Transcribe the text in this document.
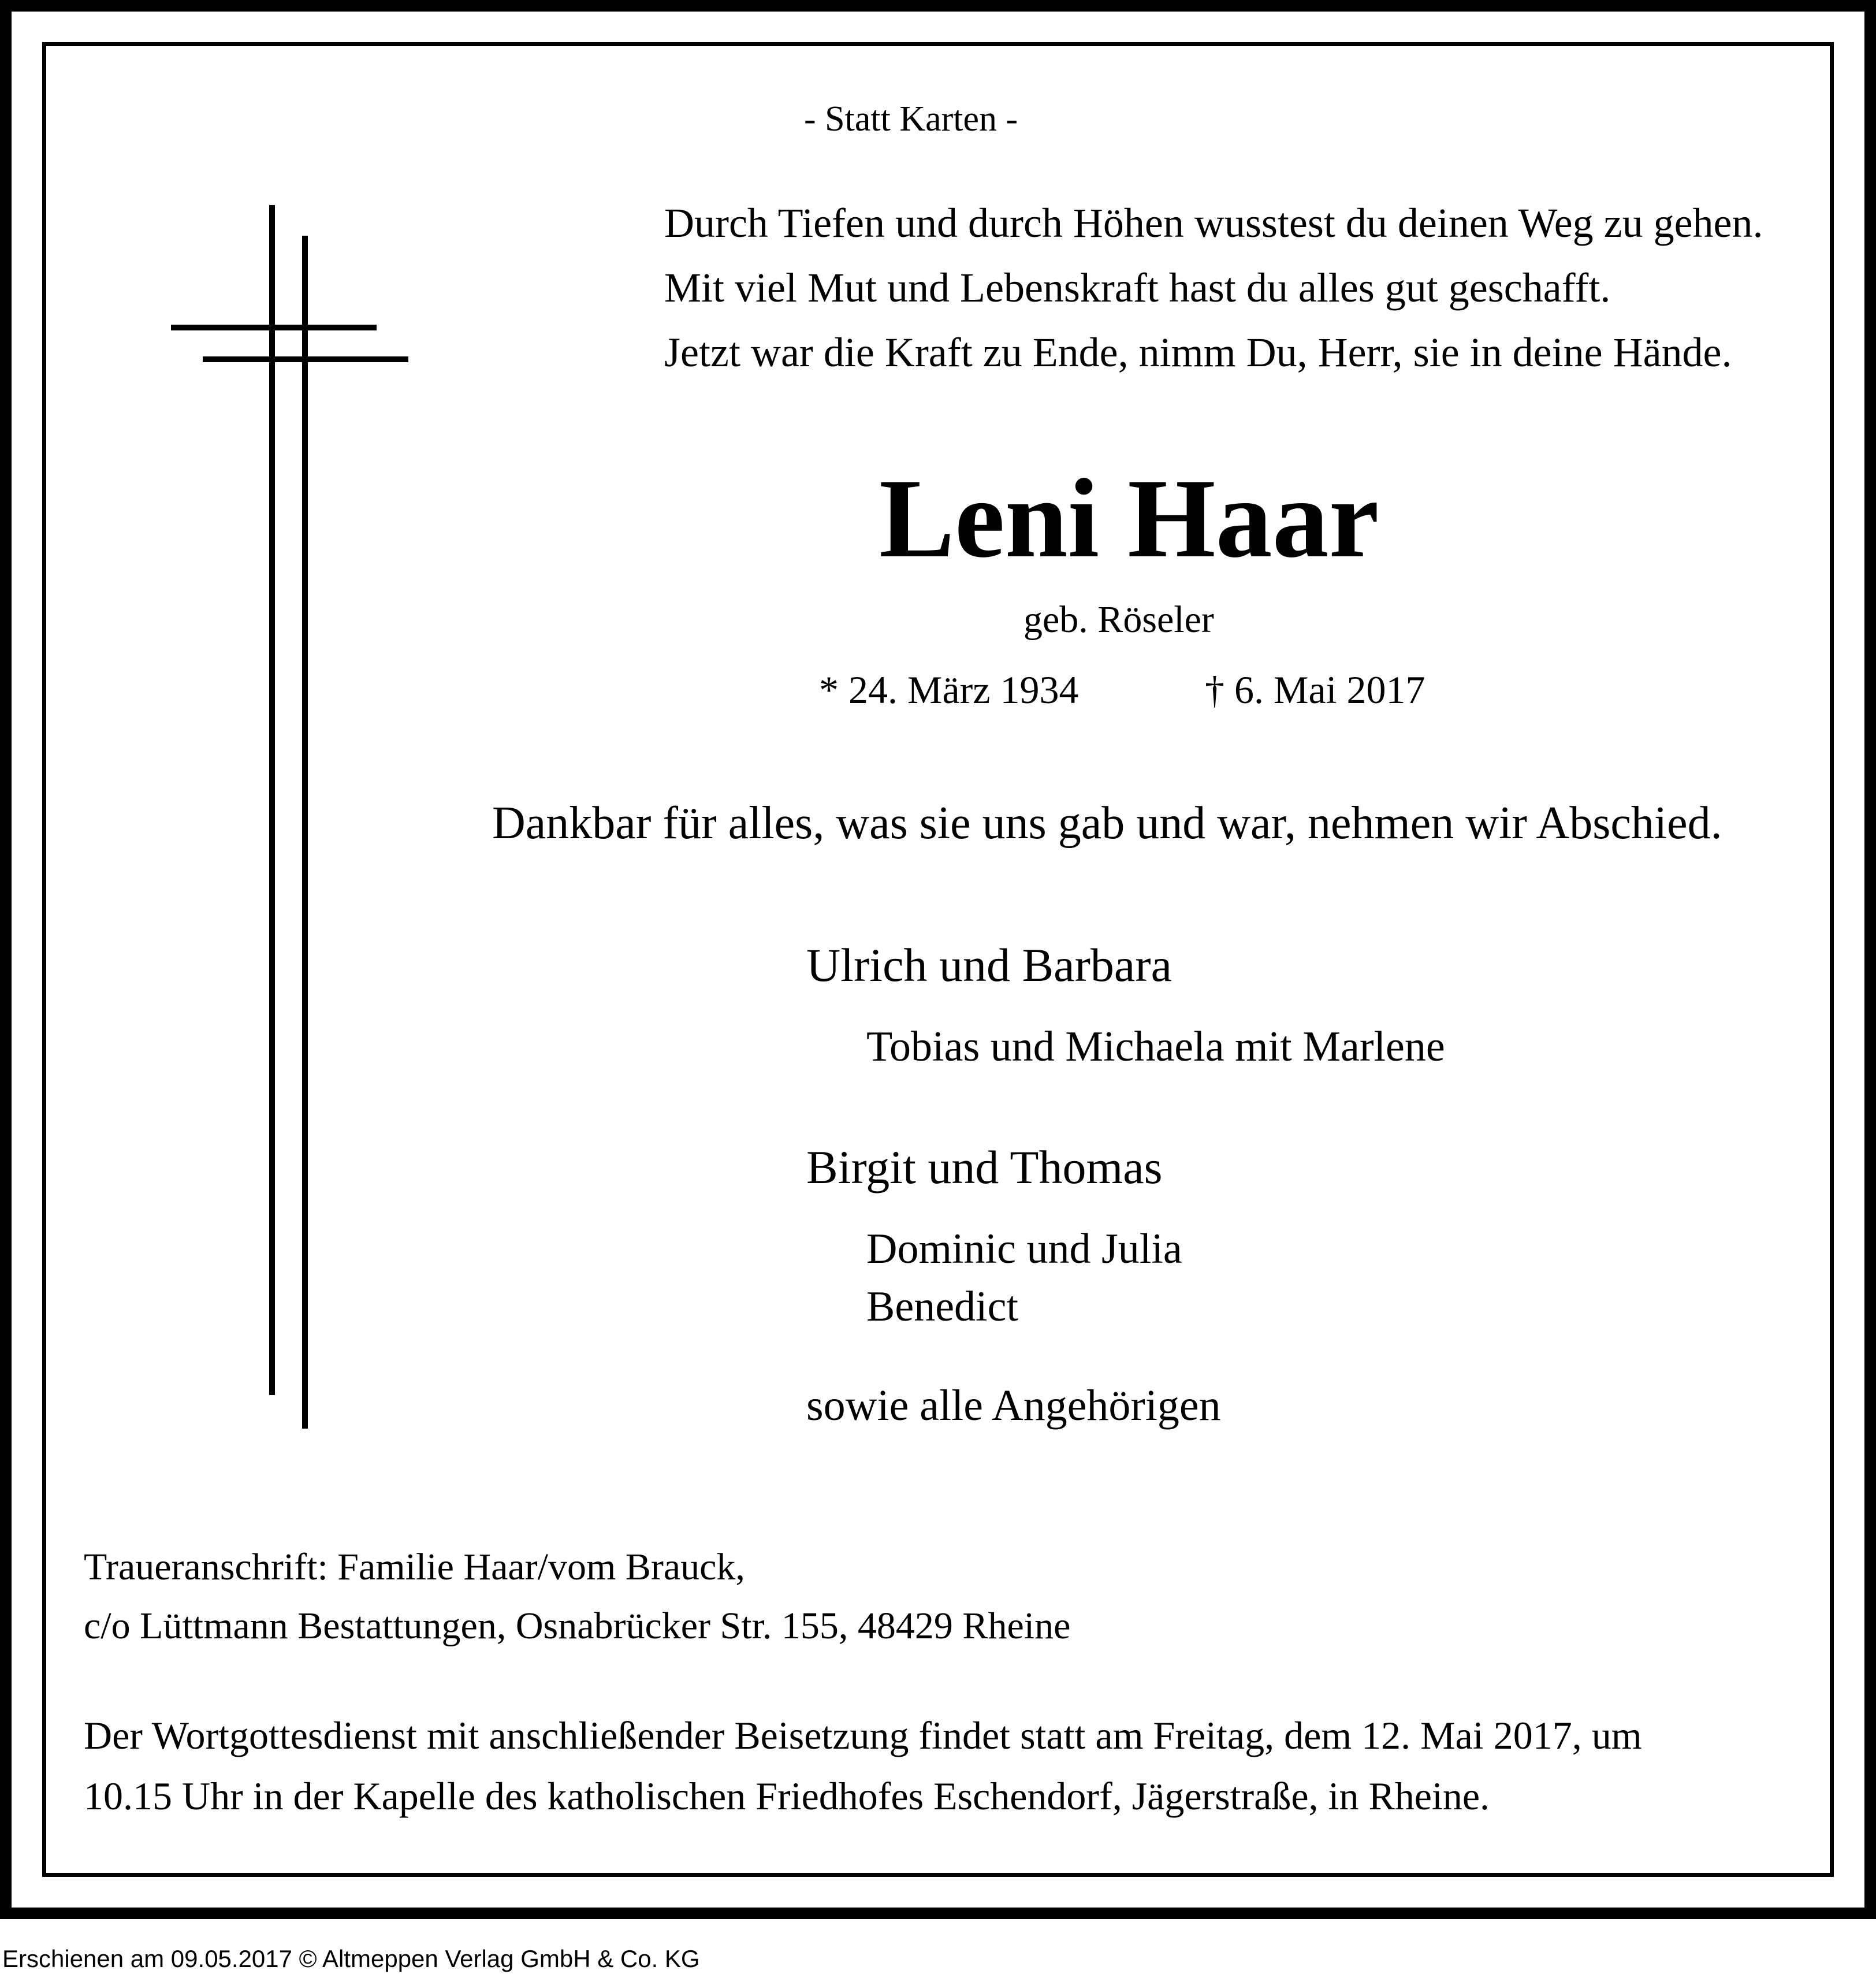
- Statt Karten -
Durch Tiefen und durch Höhen wusstest du deinen Weg zu gehen.
Mit viel Mut und Lebenskraft hast du alles gut geschafft.
Jetzt war die Kraft zu Ende, nimm Du, Herr, sie in deine Hände.
Leni Haar
geb. Röseler
* 24. März 1934	† 6. Mai 2017
Dankbar für alles, was sie uns gab und war, nehmen wir Abschied.
Ulrich und Barbara
Tobias und Michaela mit Marlene
Birgit und Thomas
Dominic und Julia
Benedict
sowie alle Angehörigen
Traueranschrift: Familie Haar/vom Brauck,
c/o Lüttmann Bestattungen, Osnabrücker Str. 155, 48429 Rheine
Der Wortgottesdienst mit anschließender Beisetzung findet statt am Freitag, dem 12. Mai 2017, um
10.15 Uhr in der Kapelle des katholischen Friedhofes Eschendorf, Jägerstraße, in Rheine.
Erschienen am 09.05.2017 © Altmeppen Verlag GmbH & Co. KG
